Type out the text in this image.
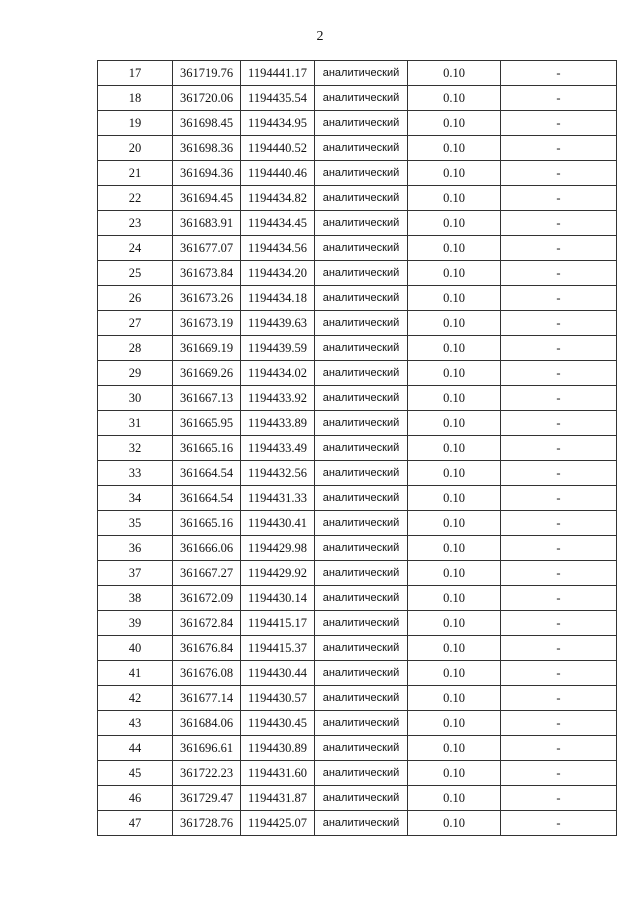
2
17	361719.76	1194441.17	аналитический	0.10	-
18	361720.06	1194435.54	аналитический	0.10	-
19	361698.45	1194434.95	аналитический	0.10	-
20	361698.36	1194440.52	аналитический	0.10	-
21	361694.36	1194440.46	аналитический	0.10	-
22	361694.45	1194434.82	аналитический	0.10	-
23	361683.91	1194434.45	аналитический	0.10	-
24	361677.07	1194434.56	аналитический	0.10	-
25	361673.84	1194434.20	аналитический	0.10	-
26	361673.26	1194434.18	аналитический	0.10	-
27	361673.19	1194439.63	аналитический	0.10	-
28	361669.19	1194439.59	аналитический	0.10	-
29	361669.26	1194434.02	аналитический	0.10	-
30	361667.13	1194433.92	аналитический	0.10	-
31	361665.95	1194433.89	аналитический	0.10	-
32	361665.16	1194433.49	аналитический	0.10	-
33	361664.54	1194432.56	аналитический	0.10	-
34	361664.54	1194431.33	аналитический	0.10	-
35	361665.16	1194430.41	аналитический	0.10	-
36	361666.06	1194429.98	аналитический	0.10	-
37	361667.27	1194429.92	аналитический	0.10	-
38	361672.09	1194430.14	аналитический	0.10	-
39	361672.84	1194415.17	аналитический	0.10	-
40	361676.84	1194415.37	аналитический	0.10	-
41	361676.08	1194430.44	аналитический	0.10	-
42	361677.14	1194430.57	аналитический	0.10	-
43	361684.06	1194430.45	аналитический	0.10	-
44	361696.61	1194430.89	аналитический	0.10	-
45	361722.23	1194431.60	аналитический	0.10	-
46	361729.47	1194431.87	аналитический	0.10	-
47	361728.76	1194425.07	аналитический	0.10	-
